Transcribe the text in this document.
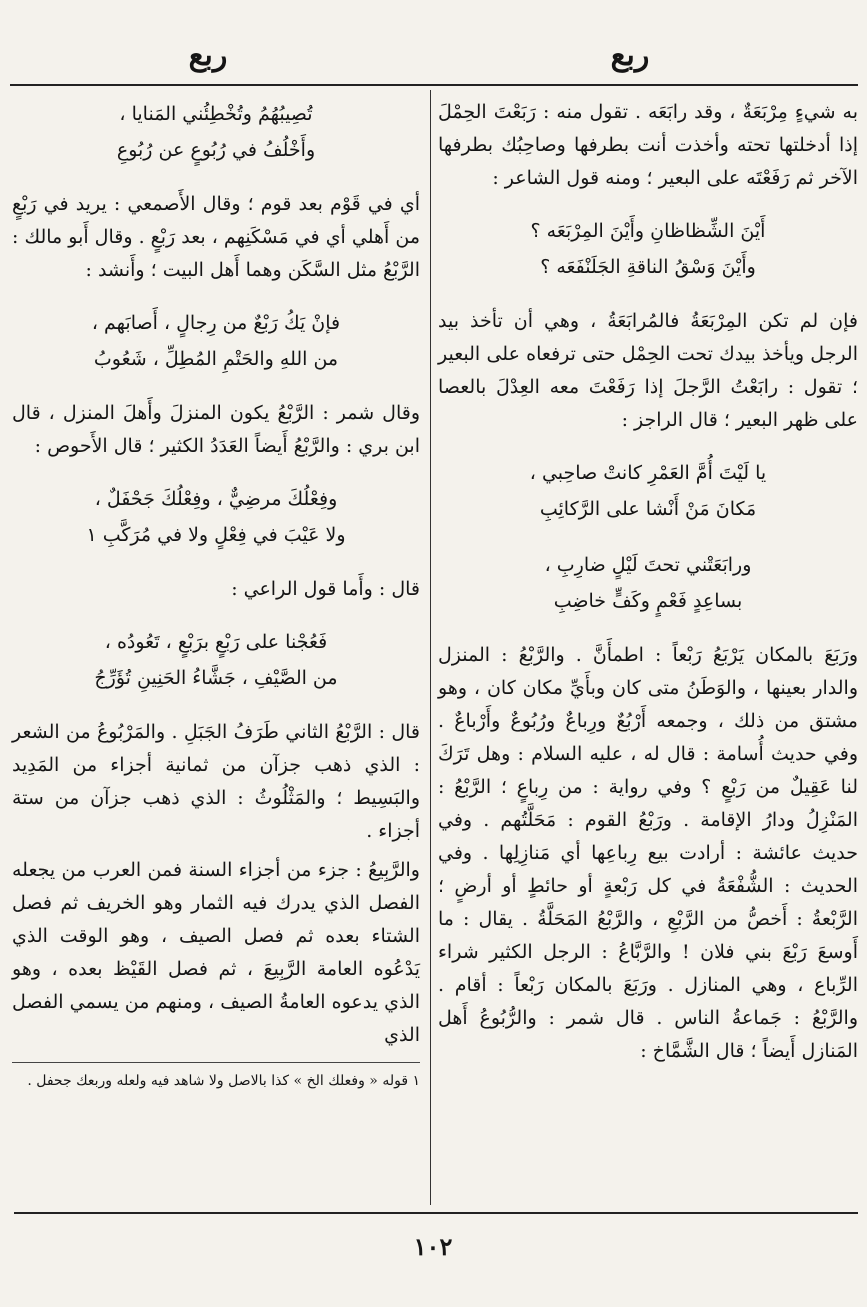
ربع
ربع

به شيءٍ مِرْبَعَةٌ ، وقد رابَعَه . تقول منه : رَبَعْتَ الحِمْلَ إذا أدخلتها تحته وأخذت أنت بطرفها وصاحِبُك بطرفها الآخر ثم رَفَعْتَه على البعير ؛ ومنه قول الشاعر :

أَيْنَ الشِّظاظانِ وأَيْنَ المِرْبَعَه ؟
وأَيْنَ وَسْقُ الناقةِ الجَلَنْفَعَه ؟

فإن لم تكن المِرْبَعَةُ فالمُرابَعَةُ ، وهي أن تأخذ بيد الرجل ويأخذ بيدك تحت الحِمْل حتى ترفعاه على البعير ؛ تقول : رابَعْتُ الرَّجلَ إذا رَفَعْتَ معه العِدْلَ بالعصا على ظهر البعير ؛ قال الراجز :

يا لَيْتَ أُمَّ العَمْرِ كانتْ صاحِبي ،
مَكانَ مَنْ أَنْشا على الرَّكائِبِ
ورابَعَتْني تحتَ لَيْلٍ ضارِبِ ،
بساعِدٍ فَعْمٍ وكَفٍّ خاضِبِ

ورَبَعَ بالمكان يَرْبَعُ رَبْعاً : اطمأَنَّ . والرَّبْعُ : المنزل والدار بعينها ، والوَطَنُ متى كان وبأَيِّ مكان كان ، وهو مشتق من ذلك ، وجمعه أَرْبُعٌ ورِباعٌ ورُبُوعٌ وأَرْباعٌ . وفي حديث أُسامة : قال له ، عليه السلام : وهل تَرَكَ لنا عَقِيلٌ من رَبْعٍ ؟ وفي رواية : من رِباعٍ ؛ الرَّبْعُ : المَنْزِلُ ودارُ الإقامة . ورَبْعُ القوم : مَحَلَّتُهم . وفي حديث عائشة : أرادت بيع رِباعِها أي مَنازِلِها . وفي الحديث : الشُّفْعَةُ في كل رَبْعةٍ أو حائطٍ أو أرضٍ ؛ الرَّبْعةُ : أَخصُّ من الرَّبْعِ ، والرَّبْعُ المَحَلَّةُ . يقال : ما أَوسعَ رَبْعَ بني فلان ! والرَّبَّاعُ : الرجل الكثير شراء الرِّباع ، وهي المنازل . ورَبَعَ بالمكان رَبْعاً : أقام . والرَّبْعُ : جَماعةُ الناس . قال شمر : والرُّبُوعُ أَهل المَنازل أَيضاً ؛ قال الشَّمَّاخ :

تُصِيبُهُمُ وتُخْطِئُني المَنايا ،
وأَخْلُفُ في رُبُوعٍ عن رُبُوعِ

أي في قَوْم بعد قوم ؛ وقال الأَصمعي : يريد في رَبْعٍ من أَهلي أي في مَسْكَنِهم ، بعد رَبْعٍ . وقال أَبو مالك : الرَّبْعُ مثل السَّكَن وهما أَهل البيت ؛ وأَنشد :

فإنْ يَكُ رَبْعٌ من رِجالٍ ، أَصابَهم ،
من اللهِ والحَتْمِ المُطِلِّ ، شَعُوبُ

وقال شمر : الرَّبْعُ يكون المنزلَ وأَهلَ المنزل ، قال ابن بري : والرَّبْعُ أَيضاً العَدَدُ الكثير ؛ قال الأَحوص :

وفِعْلُكَ مرضِيٌّ ، وفِعْلُكَ جَحْفَلٌ ،
ولا عَيْبَ في فِعْلٍ ولا في مُرَكَّبِ ١

قال : وأَما قول الراعي :

فَعُجْنا على رَبْعٍ برَبْعٍ ، تَعُودُه ،
من الصَّيْفِ ، جَشَّاءُ الحَنِينِ تُؤَرِّجُ

قال : الرَّبْعُ الثاني طَرَفُ الجَبَلِ . والمَرْبُوعُ من الشعر : الذي ذهب جزآن من ثمانية أجزاء من المَدِيد والبَسِيط ؛ والمَثْلُوثُ : الذي ذهب جزآن من ستة أجزاء .

والرَّبِيعُ : جزء من أجزاء السنة فمن العرب من يجعله الفصل الذي يدرك فيه الثمار وهو الخريف ثم فصل الشتاء بعده ثم فصل الصيف ، وهو الوقت الذي يَدْعُوه العامة الرَّبِيعَ ، ثم فصل القَيْظ بعده ، وهو الذي يدعوه العامةُ الصيف ، ومنهم من يسمي الفصل الذي

١ قوله « وفعلك الخ » كذا بالاصل ولا شاهد فيه ولعله وربعك جحفل .
١٠٢
